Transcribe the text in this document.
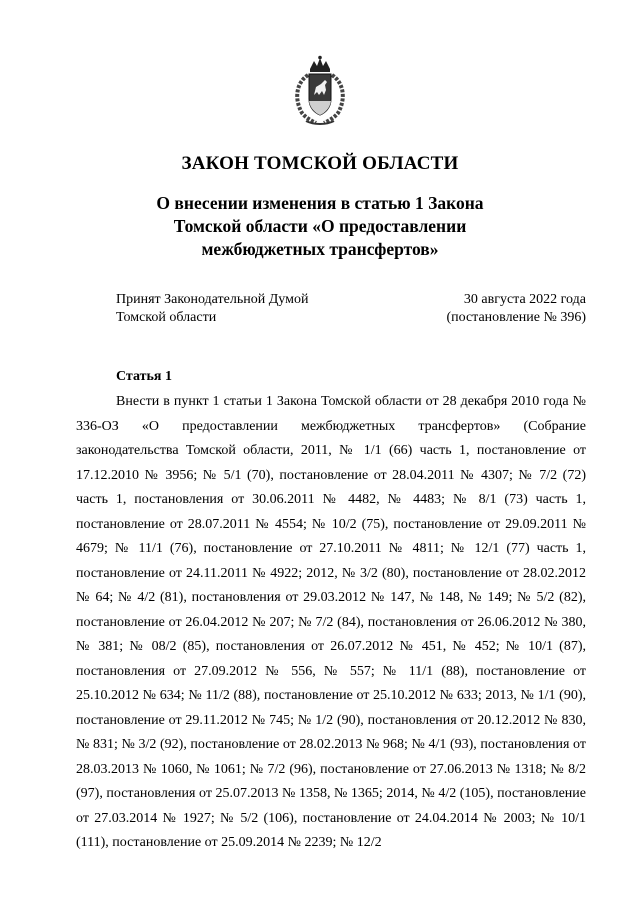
ЗАКОН ТОМСКОЙ ОБЛАСТИ
О внесении изменения в статью 1 Закона
Томской области «О предоставлении
межбюджетных трансфертов»
Принят Законодательной Думой
Томской области
30 августа 2022 года
(постановление № 396)
Статья 1

Внести в пункт 1 статьи 1 Закона Томской области от 28 декабря 2010 года № 336-ОЗ «О предоставлении межбюджетных трансфертов» (Собрание законодательства Томской области, 2011, № 1/1 (66) часть 1, постановление от 17.12.2010 № 3956; № 5/1 (70), постановление от 28.04.2011 № 4307; № 7/2 (72) часть 1, постановления от 30.06.2011 № 4482, № 4483; № 8/1 (73) часть 1, постановление от 28.07.2011 № 4554; № 10/2 (75), постановление от 29.09.2011 № 4679; № 11/1 (76), постановление от 27.10.2011 № 4811; № 12/1 (77) часть 1, постановление от 24.11.2011 № 4922; 2012, № 3/2 (80), постановление от 28.02.2012 № 64; № 4/2 (81), постановления от 29.03.2012 № 147, № 148, № 149; № 5/2 (82), постановление от 26.04.2012 № 207; № 7/2 (84), постановления от 26.06.2012 № 380, № 381; № 08/2 (85), постановления от 26.07.2012 № 451, № 452; № 10/1 (87), постановления от 27.09.2012 № 556, № 557; № 11/1 (88), постановление от 25.10.2012 № 634; № 11/2 (88), постановление от 25.10.2012 № 633; 2013, № 1/1 (90), постановление от 29.11.2012 № 745; № 1/2 (90), постановления от 20.12.2012 № 830, № 831; № 3/2 (92), постановление от 28.02.2013 № 968; № 4/1 (93), постановления от 28.03.2013 № 1060, № 1061; № 7/2 (96), постановление от 27.06.2013 № 1318; № 8/2 (97), постановления от 25.07.2013 № 1358, № 1365; 2014, № 4/2 (105), постановление от 27.03.2014 № 1927; № 5/2 (106), постановление от 24.04.2014 № 2003; № 10/1 (111), постановление от 25.09.2014 № 2239; № 12/2
